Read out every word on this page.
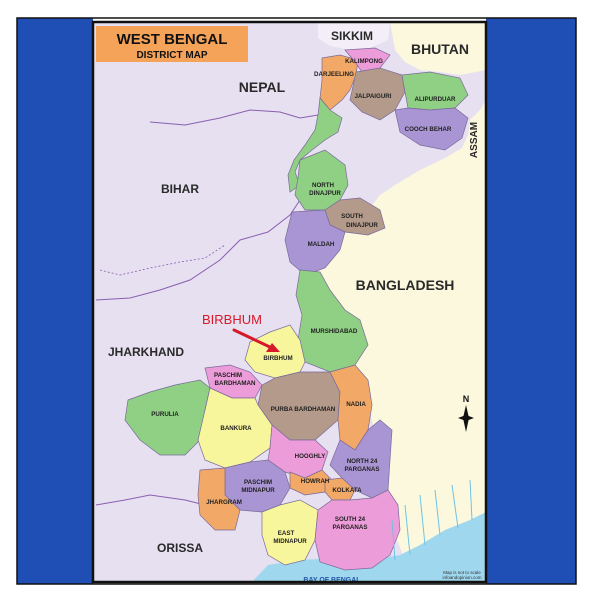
WEST BENGAL
DISTRICT MAP
SIKKIM
BHUTAN
NEPAL
ASSAM
BIHAR
BANGLADESH
JHARKHAND
ORISSA
BAY OF BENGAL
KALIMPONG
DARJEELING
JALPAIGURI	ALIPURDUAR
COOCH BEHAR
NORTH
DINAJPUR
SOUTH
DINAJPUR
MALDAH
MURSHIDABAD
BIRBHUM
PASCHIM
BARDHAMAN
PURBA BARDHAMAN
NADIA
PURULIA
BANKURA
HOOGHLY
NORTH 24
PARGANAS
PASCHIM
MIDNAPUR
HOWRAH
KOLKATA
JHARGRAM
SOUTH 24
PARGANAS
EAST
MIDNAPUR
BIRBHUM
N
Map is not to scale
infoandopinion.com
